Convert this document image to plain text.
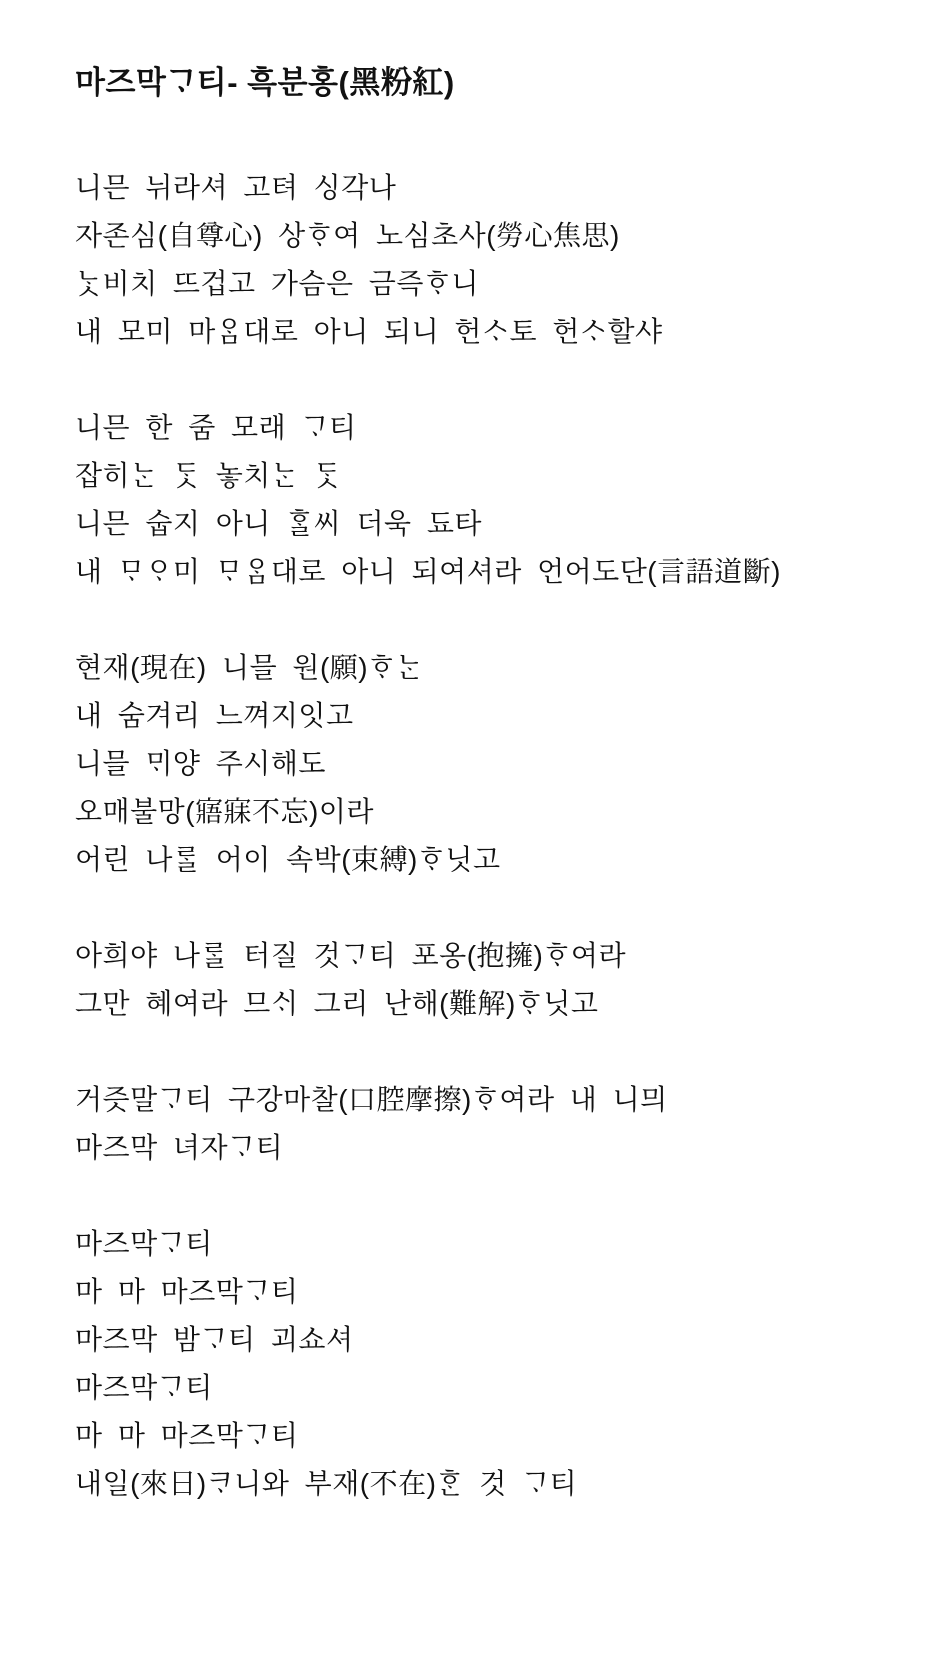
마즈막ᄀᆞ티- 흑분홍(黑粉紅)

니믄 뉘라셔 고텨 싱각나

자존심(自尊心) 상ᄒᆞ여 노심초사(勞心焦思)

ᄂᆞᆺ비치 뜨겁고 가슴은 금즉ᄒᆞ니

내 모미 마ᄋᆞᆷ대로 아니 되니 헌ᄉᆞ토 헌ᄉᆞ할샤

니믄 한 줌 모래 ᄀᆞ티

잡히ᄂᆞᆫ ᄃᆞᆺ 놓치ᄂᆞᆫ ᄃᆞᆺ

니믄 숩지 아니 ᄒᆞᆯ씨 더욱 됴타

내 ᄆᆞᄋᆞ미 ᄆᆞᄋᆞᆷ대로 아니 되여셔라 언어도단(言語道斷)

현재(現在) 니믈 원(願)ᄒᆞᄂᆞᆫ

내 숨겨리 느껴지잇고

니믈 ᄆᆡ양 주시해도

오매불망(寤寐不忘)이라

어린 나ᄅᆞᆯ 어이 속박(束縛)ᄒᆞ닛고

아희야 나ᄅᆞᆯ 터질 것ᄀᆞ티 포옹(抱擁)ᄒᆞ여라

그만 혜여라 므ᄉᆡ 그리 난해(難解)ᄒᆞ닛고

거즛말ᄀᆞ티 구강마찰(口腔摩擦)ᄒᆞ여라 내 니믜

마즈막 녀자ᄀᆞ티

마즈막ᄀᆞ티

마 마 마즈막ᄀᆞ티

마즈막 밤ᄀᆞ티 괴쇼셔

마즈막ᄀᆞ티

마 마 마즈막ᄀᆞ티

내일(來日)ᄏᆞ니와 부재(不在)ᄒᆞᆫ 것 ᄀᆞ티
